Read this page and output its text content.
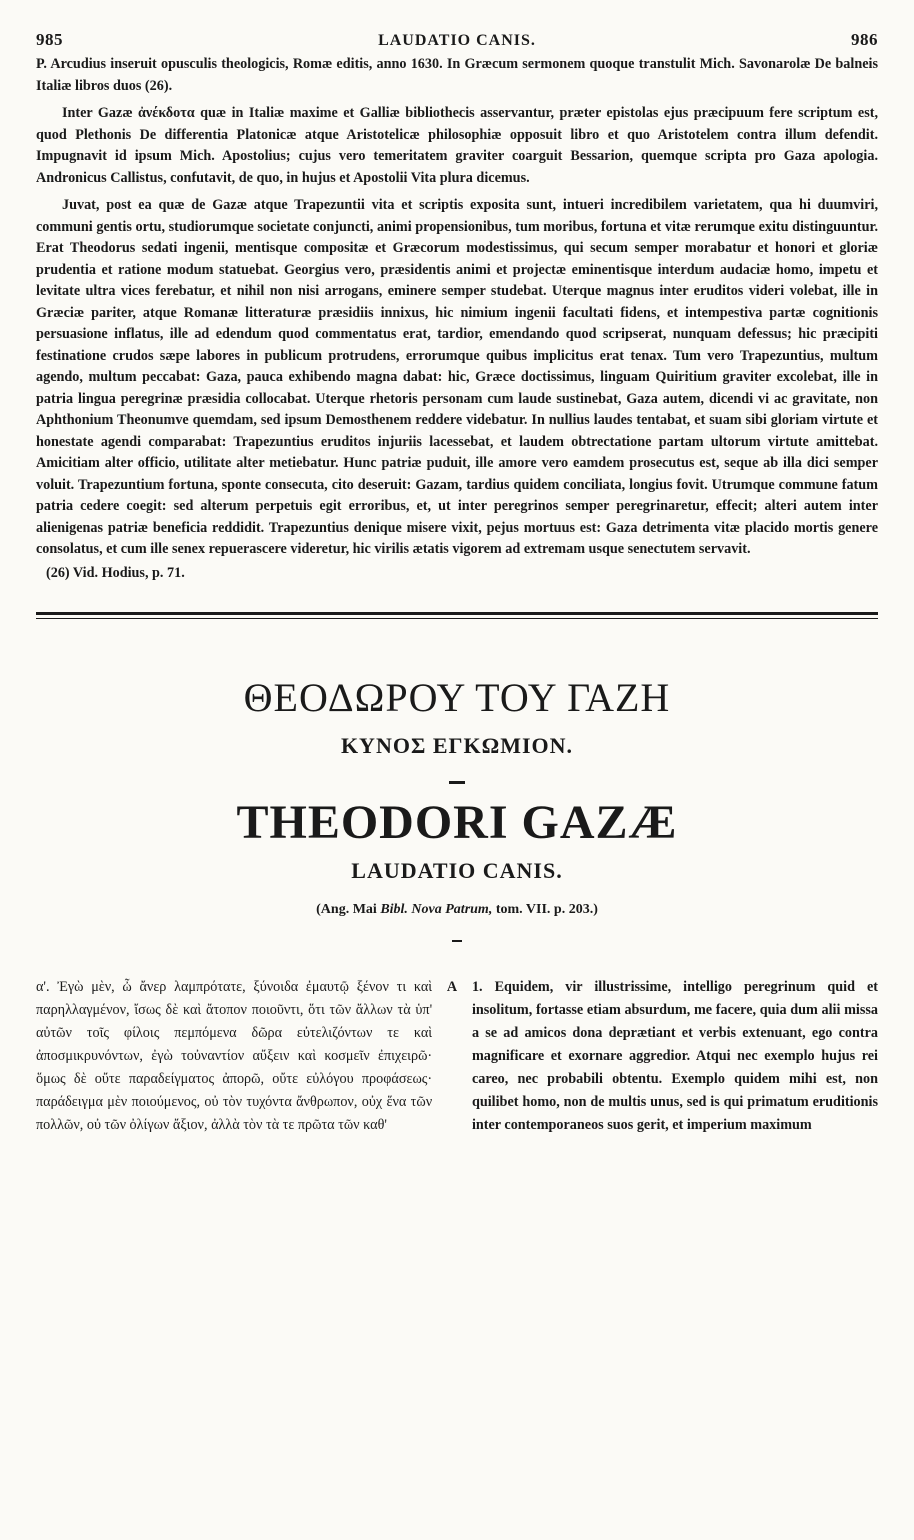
985	LAUDATIO CANIS.	986

P. Arcudius inseruit opusculis theologicis, Romæ editis, anno 1630. In Græcum sermonem quoque transtulit Mich. Savonarolæ De balneis Italiæ libros duos (26).

Inter Gazæ ἀνέκδοτα quæ in Italiæ maxime et Galliæ bibliothecis asservantur, præter epistolas ejus præcipuum fere scriptum est, quod Plethonis De differentia Platonicæ atque Aristotelicæ philosophiæ opposuit libro et quo Aristotelem contra illum defendit. Impugnavit id ipsum Mich. Apostolius; cujus vero temeritatem graviter coarguit Bessarion, quemque scripta pro Gaza apologia. Andronicus Callistus, confutavit, de quo, in hujus et Apostolii Vita plura dicemus.

Juvat, post ea quæ de Gazæ atque Trapezuntii vita et scriptis exposita sunt, intueri incredibilem varietatem, qua hi duumviri, communi gentis ortu, studiorumque societate conjuncti, animi propensionibus, tum moribus, fortuna et vitæ rerumque exitu distinguuntur. Erat Theodorus sedati ingenii, mentisque compositæ et Græcorum modestissimus, qui secum semper morabatur et honori et gloriæ prudentia et ratione modum statuebat. Georgius vero, præsidentis animi et projectæ eminentisque interdum audaciæ homo, impetu et levitate ultra vices ferebatur, et nihil non nisi arrogans, eminere semper studebat. Uterque magnus inter eruditos videri volebat, ille in Græciæ pariter, atque Romanæ litteraturæ præsidiis innixus, hic nimium ingenii facultati fidens, et intempestiva partæ cognitionis persuasione inflatus, ille ad edendum quod commentatus erat, tardior, emendando quod scripserat, nunquam defessus; hic præcipiti festinatione crudos sæpe labores in publicum protrudens, errorumque quibus implicitus erat tenax. Tum vero Trapezuntius, multum agendo, multum peccabat: Gaza, pauca exhibendo magna dabat: hic, Græce doctissimus, linguam Quiritium graviter excolebat, ille in patria lingua peregrinæ præsidia collocabat. Uterque rhetoris personam cum laude sustinebat, Gaza autem, dicendi vi ac gravitate, non Aphthonium Theonumve quemdam, sed ipsum Demosthenem reddere videbatur. In nullius laudes tentabat, et suam sibi gloriam virtute et honestate agendi comparabat: Trapezuntius eruditos injuriis lacessebat, et laudem obtrectatione partam ultorum virtute amittebat. Amicitiam alter officio, utilitate alter metiebatur. Hunc patriæ puduit, ille amore vero eamdem prosecutus est, seque ab illa dici semper voluit. Trapezuntium fortuna, sponte consecuta, cito deseruit: Gazam, tardius quidem conciliata, longius fovit. Utrumque commune fatum patria cedere coegit: sed alterum perpetuis egit erroribus, et, ut inter peregrinos semper peregrinaretur, effecit; alteri autem inter alienigenas patriæ beneficia reddidit. Trapezuntius denique misere vixit, pejus mortuus est: Gaza detrimenta vitæ placido mortis genere consolatus, et cum ille senex repuerascere videretur, hic virilis ætatis vigorem ad extremam usque senectutem servavit.

(26) Vid. Hodius, p. 71.
ΘΕΟΔΩΡΟΥ ΤΟΥ ΓΑΖΗ
ΚΥΝΟΣ ΕΓΚΩΜΙΟΝ.
THEODORI GAZÆ
LAUDATIO CANIS.
(Ang. Mai Bibl. Nova Patrum, tom. VII. p. 203.)
α'. Ἐγὼ μὲν, ὦ ἄνερ λαμπρότατε, ξύνοιδα ἐμαυτῷ ξένον τι καὶ παρηλλαγμένον, ἴσως δὲ καὶ ἄτοπον ποιοῦντι, ὅτι τῶν ἄλλων τὰ ὑπ' αὐτῶν τοῖς φίλοις πεμπόμενα δῶρα εὐτελιζόντων τε καὶ ἀποσμικρυνόντων, ἐγὼ τοὐναντίον αὔξειν καὶ κοσμεῖν ἐπιχειρῶ· ὅμως δὲ οὔτε παραδείγματος ἀπορῶ, οὔτε εὐλόγου προφάσεως· παράδειγμα μὲν ποιούμενος, οὐ τὸν τυχόντα ἄνθρωπον, οὐχ ἕνα τῶν πολλῶν, οὐ τῶν ὀλίγων ἄξιον, ἀλλὰ τὸν τὰ τε πρῶτα τῶν καθ'
A	1. Equidem, vir illustrissime, intelligo peregrinum quid et insolitum, fortasse etiam absurdum, me facere, quia dum alii missa a se ad amicos dona deprætiant et verbis extenuant, ego contra magnificare et exornare aggredior. Atqui nec exemplo hujus rei careo, nec probabili obtentu. Exemplo quidem mihi est, non quilibet homo, non de multis unus, sed is qui primatum eruditionis inter contemporaneos suos gerit, et imperium maximum
